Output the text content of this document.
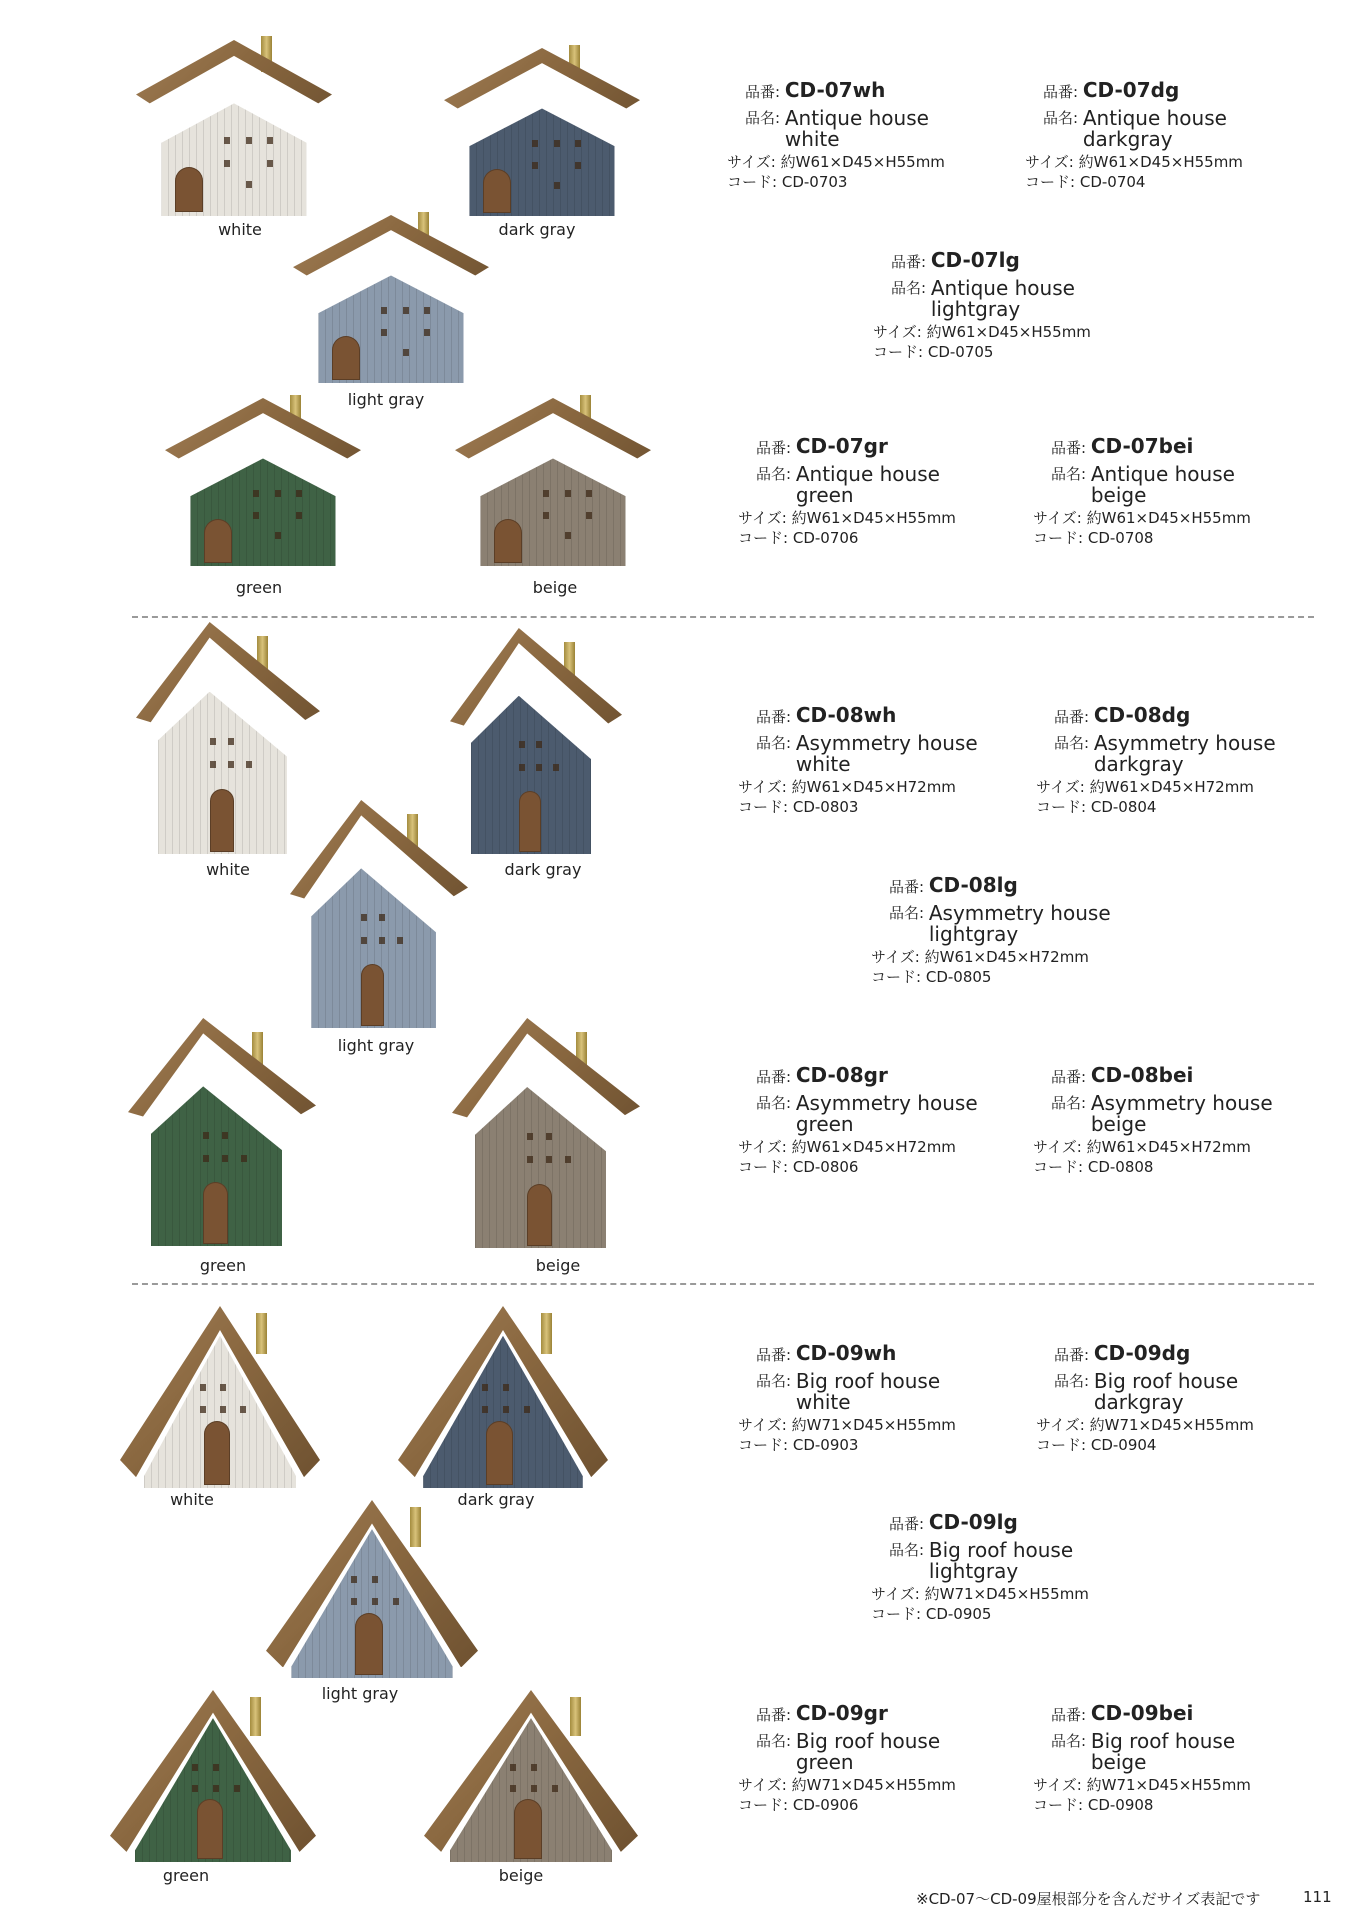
white	dark gray
light gray
green	beige
white	dark gray
light gray
green	beige
white	dark gray
light gray
green	beige
品番: CD-07wh
品名: Antique house
white
サイズ: 約W61×D45×H55mm
コード: CD-0703
品番: CD-07dg
品名: Antique house
darkgray
サイズ: 約W61×D45×H55mm
コード: CD-0704
品番: CD-07lg
品名: Antique house
lightgray
サイズ: 約W61×D45×H55mm
コード: CD-0705
品番: CD-07gr
品名: Antique house
green
サイズ: 約W61×D45×H55mm
コード: CD-0706
品番: CD-07bei
品名: Antique house
beige
サイズ: 約W61×D45×H55mm
コード: CD-0708
品番: CD-08wh
品名: Asymmetry house
white
サイズ: 約W61×D45×H72mm
コード: CD-0803
品番: CD-08dg
品名: Asymmetry house
darkgray
サイズ: 約W61×D45×H72mm
コード: CD-0804
品番: CD-08lg
品名: Asymmetry house
lightgray
サイズ: 約W61×D45×H72mm
コード: CD-0805
品番: CD-08gr
品名: Asymmetry house
green
サイズ: 約W61×D45×H72mm
コード: CD-0806
品番: CD-08bei
品名: Asymmetry house
beige
サイズ: 約W61×D45×H72mm
コード: CD-0808
品番: CD-09wh
品名: Big roof house
white
サイズ: 約W71×D45×H55mm
コード: CD-0903
品番: CD-09dg
品名: Big roof house
darkgray
サイズ: 約W71×D45×H55mm
コード: CD-0904
品番: CD-09lg
品名: Big roof house
lightgray
サイズ: 約W71×D45×H55mm
コード: CD-0905
品番: CD-09gr
品名: Big roof house
green
サイズ: 約W71×D45×H55mm
コード: CD-0906
品番: CD-09bei
品名: Big roof house
beige
サイズ: 約W71×D45×H55mm
コード: CD-0908
※CD-07〜CD-09屋根部分を含んだサイズ表記です	111
